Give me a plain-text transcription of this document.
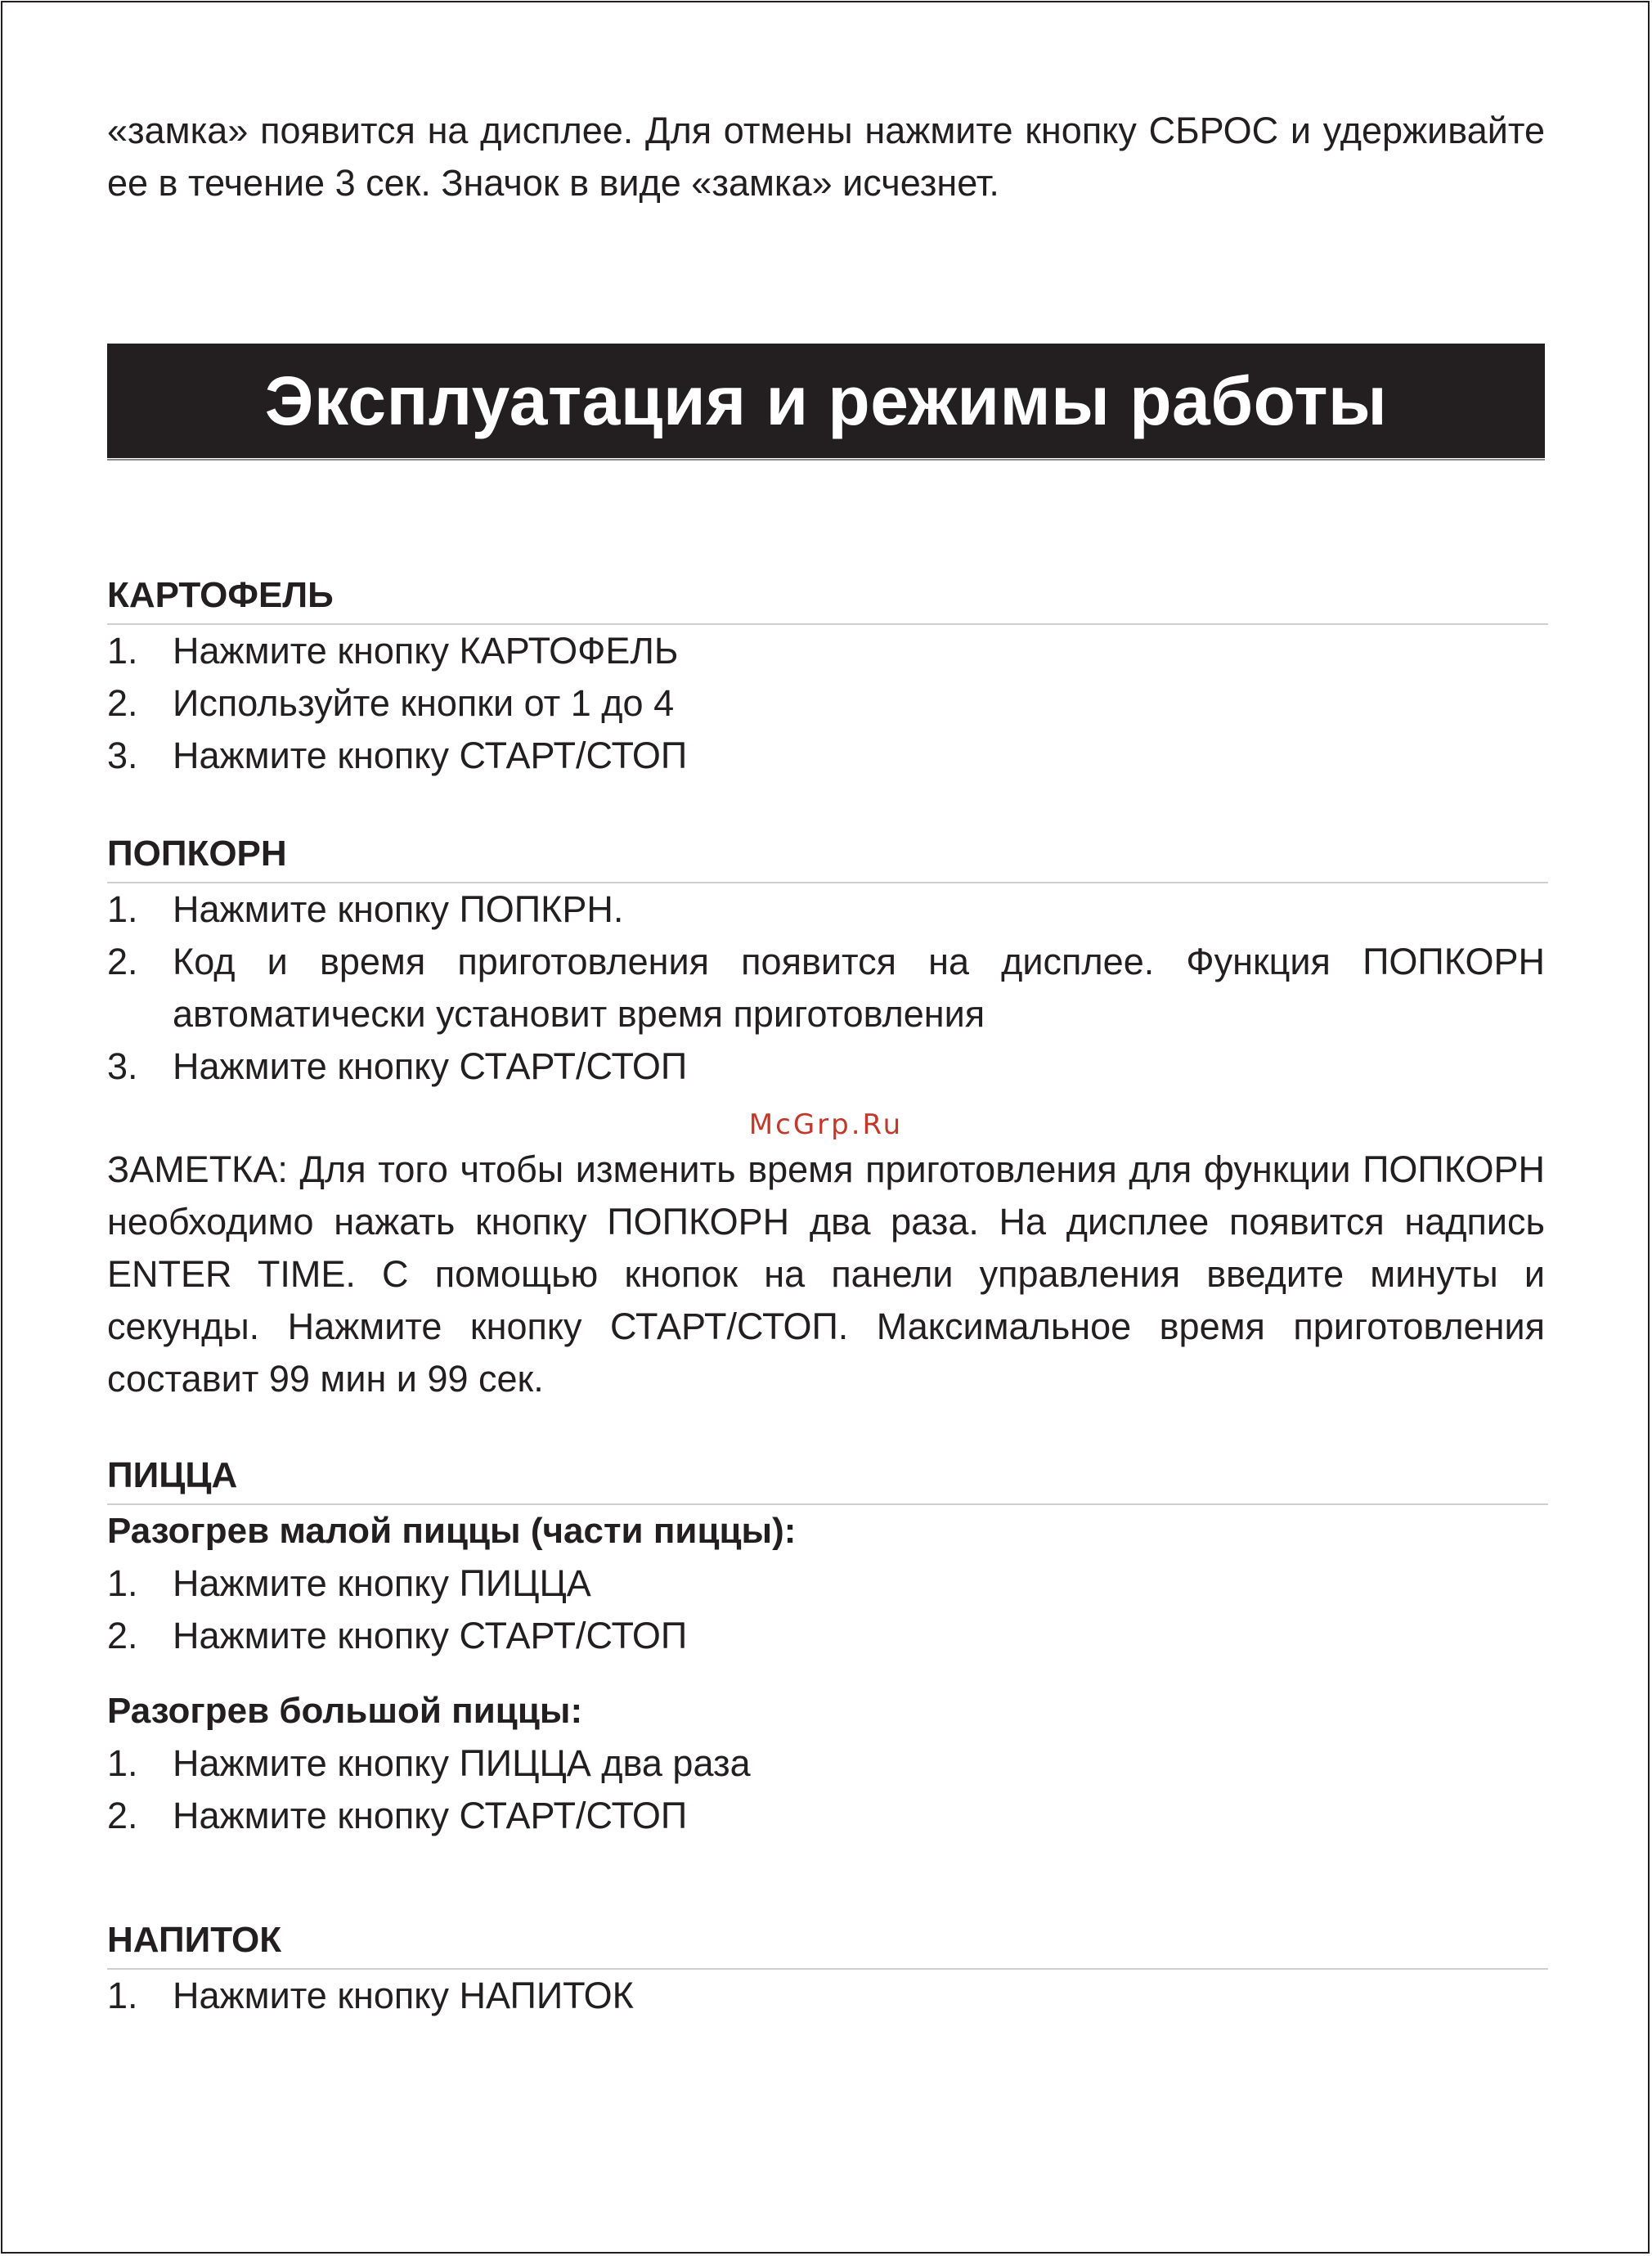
«замка» появится на дисплее. Для отмены нажмите кнопку СБРОС и удерживайте ее в течение 3 сек. Значок в виде «замка» исчезнет.

Эксплуатация и режимы работы
КАРТОФЕЛЬ
1. Нажмите кнопку КАРТОФЕЛЬ
2. Используйте кнопки от 1 до 4
3. Нажмите кнопку СТАРТ/СТОП
ПОПКОРН
1. Нажмите кнопку ПОПКРН.
2. Код и время приготовления появится на дисплее. Функция ПОПКОРН автоматически установит время приготовления
3. Нажмите кнопку СТАРТ/СТОП
McGrp.Ru

ЗАМЕТКА: Для того чтобы изменить время приготовления для функции ПОПКОРН необходимо нажать кнопку ПОПКОРН два раза. На дисплее появится надпись ENTER TIME. С помощью кнопок на панели управления введите минуты и секунды. Нажмите кнопку СТАРТ/СТОП. Максимальное время приготовления составит 99 мин и 99 сек.

ПИЦЦА
Разогрев малой пиццы (части пиццы):
1. Нажмите кнопку ПИЦЦА
2. Нажмите кнопку СТАРТ/СТОП
Разогрев большой пиццы:
1. Нажмите кнопку ПИЦЦА два раза
2. Нажмите кнопку СТАРТ/СТОП
НАПИТОК
1. Нажмите кнопку НАПИТОК
